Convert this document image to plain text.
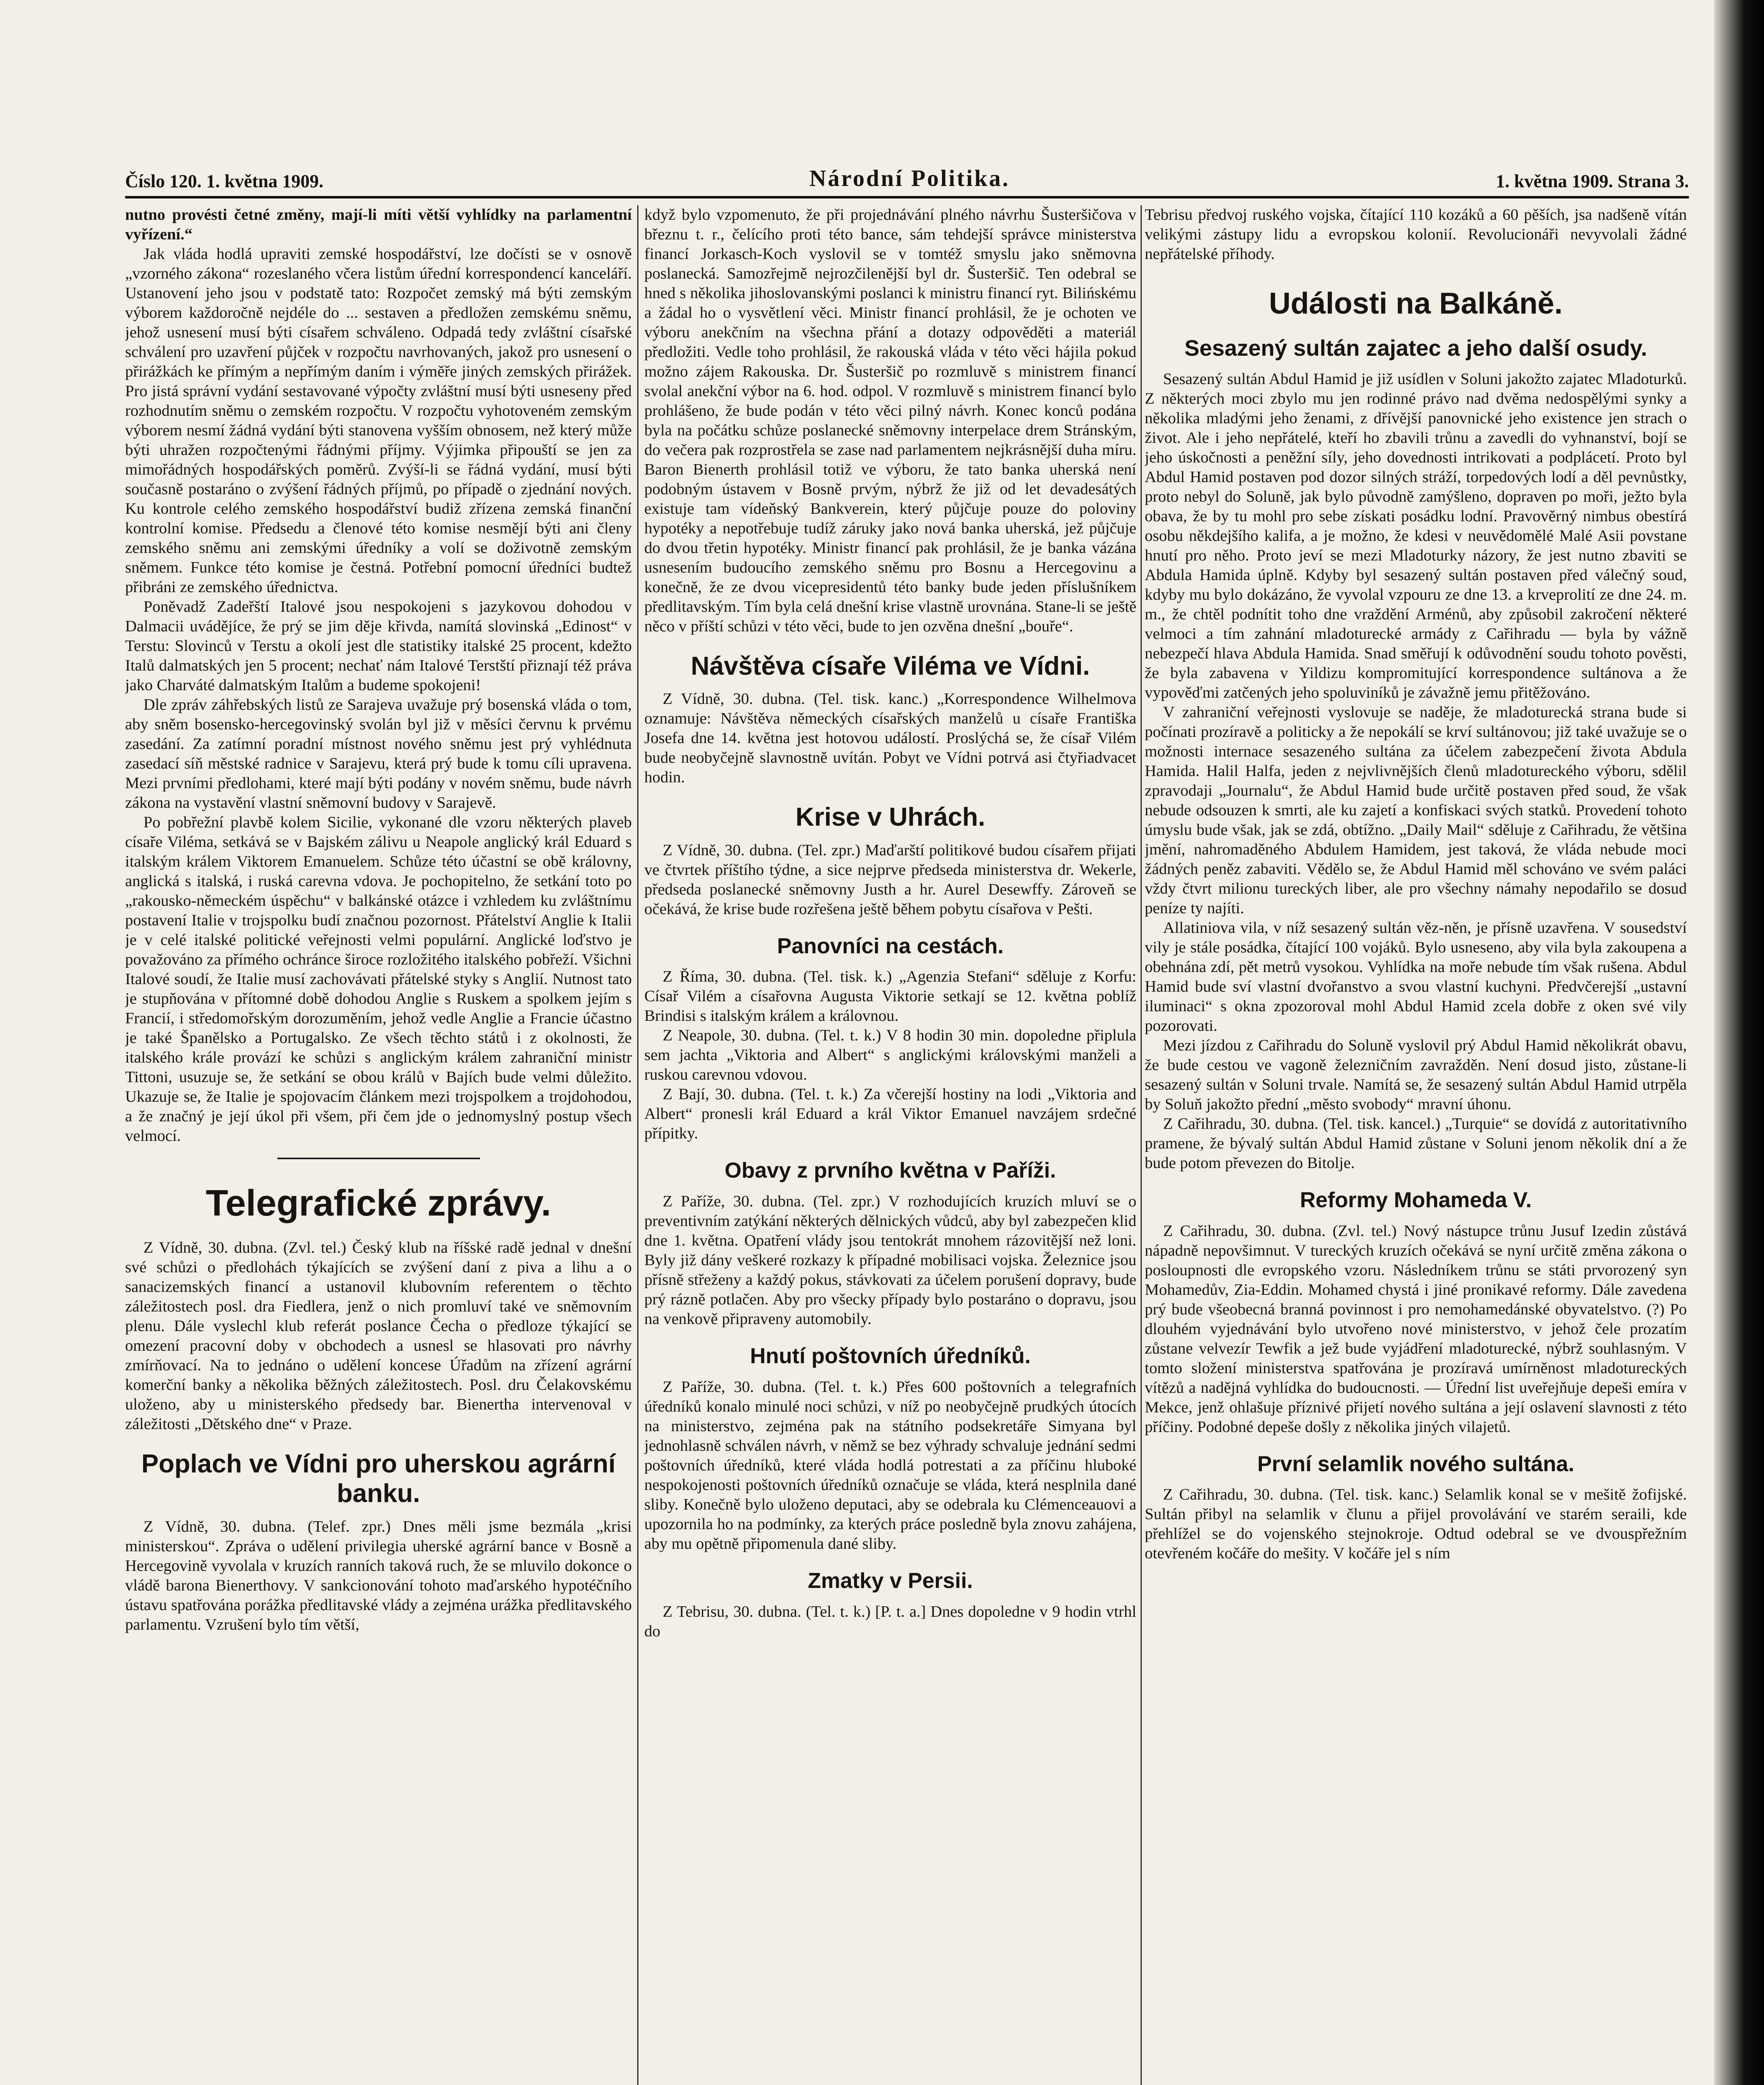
Číslo 120. 1. května 1909.	Národní Politika.	1. května 1909. Strana 3.

nutno provésti četné změny, mají-li míti větší vyhlídky na parlamentní vyřízení.“

Jak vláda hodlá upraviti zemské hospodářství, lze dočísti se v osnově „vzorného zákona“ rozeslaného včera listům úřední korrespondencí kanceláří. Ustanovení jeho jsou v podstatě tato: Rozpočet zemský má býti zemským výborem každoročně nejdéle do ... sestaven a předložen zemskému sněmu, jehož usnesení musí býti císařem schváleno. Odpadá tedy zvláštní císařské schválení pro uzavření půjček v rozpočtu navrhovaných, jakož pro usnesení o přirážkách ke přímým a nepřímým daním i výměře jiných zemských přirážek. Pro jistá správní vydání sestavované výpočty zvláštní musí býti usneseny před rozhodnutím sněmu o zemském rozpočtu. V rozpočtu vyhotoveném zemským výborem nesmí žádná vydání býti stanovena vyšším obnosem, než který může býti uhražen rozpočtenými řádnými příjmy. Výjimka připouští se jen za mimořádných hospodářských poměrů. Zvýší-li se řádná vydání, musí býti současně postaráno o zvýšení řádných příjmů, po případě o zjednání nových. Ku kontrole celého zemského hospodářství budiž zřízena zemská finanční kontrolní komise. Předsedu a členové této komise nesmějí býti ani členy zemského sněmu ani zemskými úředníky a volí se doživotně zemským sněmem. Funkce této komise je čestná. Potřební pomocní úředníci budtež přibráni ze zemského úřednictva.

Poněvadž Zadeřští Italové jsou nespokojeni s jazykovou dohodou v Dalmacii uvádějíce, že prý se jim děje křivda, namítá slovinská „Edinost“ v Terstu: Slovinců v Terstu a okolí jest dle statistiky italské 25 procent, kdežto Italů dalmatských jen 5 procent; nechať nám Italové Terstští přiznají též práva jako Charváté dalmatským Italům a budeme spokojeni!

Dle zpráv záhřebských listů ze Sarajeva uvažuje prý bosenská vláda o tom, aby sněm bosensko-hercegovinský svolán byl již v měsíci červnu k prvému zasedání. Za zatímní poradní místnost nového sněmu jest prý vyhlédnuta zasedací síň městské radnice v Sarajevu, která prý bude k tomu cíli upravena. Mezi prvními předlohami, které mají býti podány v novém sněmu, bude návrh zákona na vystavění vlastní sněmovní budovy v Sarajevě.

Po pobřežní plavbě kolem Sicilie, vykonané dle vzoru některých plaveb císaře Viléma, setkává se v Bajském zálivu u Neapole anglický král Eduard s italským králem Viktorem Emanuelem. Schůze této účastní se obě královny, anglická s italská, i ruská carevna vdova. Je pochopitelno, že setkání toto po „rakousko-německém úspěchu“ v balkánské otázce i vzhledem ku zvláštnímu postavení Italie v trojspolku budí značnou pozornost. Přátelství Anglie k Italii je v celé italské politické veřejnosti velmi populární. Anglické loďstvo je považováno za přímého ochránce široce rozložitého italského pobřeží. Všichni Italové soudí, že Italie musí zachovávati přátelské styky s Anglií. Nutnost tato je stupňována v přítomné době dohodou Anglie s Ruskem a spolkem jejím s Francií, i středomořským dorozuměním, jehož vedle Anglie a Francie účastno je také Španělsko a Portugalsko. Ze všech těchto států i z okolnosti, že italského krále provází ke schůzi s anglickým králem zahraniční ministr Tittoni, usuzuje se, že setkání se obou králů v Bajích bude velmi důležito. Ukazuje se, že Italie je spojovacím článkem mezi trojspolkem a trojdohodou, a že značný je její úkol při všem, při čem jde o jednomyslný postup všech velmocí.

Telegrafické zprávy.

Z Vídně, 30. dubna. (Zvl. tel.) Český klub na říšské radě jednal v dnešní své schůzi o předlohách týkajících se zvýšení daní z piva a lihu a o sanacizemských financí a ustanovil klubovním referentem o těchto záležitostech posl. dra Fiedlera, jenž o nich promluví také ve sněmovním plenu. Dále vyslechl klub referát poslance Čecha o předloze týkající se omezení pracovní doby v obchodech a usnesl se hlasovati pro návrhy zmírňovací. Na to jednáno o udělení koncese Úřadům na zřízení agrární komerční banky a několika běžných záležitostech. Posl. dru Čelakovskému uloženo, aby u ministerského předsedy bar. Bienertha intervenoval v záležitosti „Dětského dne“ v Praze.

Poplach ve Vídni pro uherskou agrární banku.

Z Vídně, 30. dubna. (Telef. zpr.) Dnes měli jsme bezmála „krisi ministerskou“. Zpráva o udělení privilegia uherské agrární bance v Bosně a Hercegovině vyvolala v kruzích ranních taková ruch, že se mluvilo dokonce o vládě barona Bienerthovy. V sankcionování tohoto maďarského hypotéčního ústavu spatřována porážka předlitavské vlády a zejména urážka předlitavského parlamentu. Vzrušení bylo tím větší,

když bylo vzpomenuto, že při projednávání plného návrhu Šusteršičova v březnu t. r., čelícího proti této bance, sám tehdejší správce ministerstva financí Jorkasch-Koch vyslovil se v tomtéž smyslu jako sněmovna poslanecká. Samozřejmě nejrozčilenější byl dr. Šusteršič. Ten odebral se hned s několika jihoslovanskými poslanci k ministru financí ryt. Bilińskému a žádal ho o vysvětlení věci. Ministr financí prohlásil, že je ochoten ve výboru anekčním na všechna přání a dotazy odpověděti a materiál předložiti. Vedle toho prohlásil, že rakouská vláda v této věci hájila pokud možno zájem Rakouska. Dr. Šusteršič po rozmluvě s ministrem financí svolal anekční výbor na 6. hod. odpol. V rozmluvě s ministrem financí bylo prohlášeno, že bude podán v této věci pilný návrh. Konec konců podána byla na počátku schůze poslanecké sněmovny interpelace drem Stránským, do večera pak rozprostřela se zase nad parlamentem nejkrásnější duha míru. Baron Bienerth prohlásil totiž ve výboru, že tato banka uherská není podobným ústavem v Bosně prvým, nýbrž že již od let devadesátých existuje tam vídeňský Bankverein, který půjčuje pouze do poloviny hypotéky a nepotřebuje tudíž záruky jako nová banka uherská, jež půjčuje do dvou třetin hypotéky. Ministr financí pak prohlásil, že je banka vázána usnesením budoucího zemského sněmu pro Bosnu a Hercegovinu a konečně, že ze dvou vicepresidentů této banky bude jeden příslušníkem předlitavským. Tím byla celá dnešní krise vlastně urovnána. Stane-li se ještě něco v příští schůzi v této věci, bude to jen ozvěna dnešní „bouře“.

Návštěva císaře Viléma ve Vídni.

Z Vídně, 30. dubna. (Tel. tisk. kanc.) „Korrespondence Wilhelmova oznamuje: Návštěva německých císařských manželů u císaře Františka Josefa dne 14. května jest hotovou událostí. Proslýchá se, že císař Vilém bude neobyčejně slavnostně uvítán. Pobyt ve Vídni potrvá asi čtyřiadvacet hodin.

Krise v Uhrách.

Z Vídně, 30. dubna. (Tel. zpr.) Maďarští politikové budou císařem přijati ve čtvrtek příštího týdne, a sice nejprve předseda ministerstva dr. Wekerle, předseda poslanecké sněmovny Justh a hr. Aurel Desewffy. Zároveň se očekává, že krise bude rozřešena ještě během pobytu císařova v Pešti.

Panovníci na cestách.

Z Říma, 30. dubna. (Tel. tisk. k.) „Agenzia Stefani“ sděluje z Korfu: Císař Vilém a císařovna Augusta Viktorie setkají se 12. května poblíž Brindisi s italským králem a královnou.

Z Neapole, 30. dubna. (Tel. t. k.) V 8 hodin 30 min. dopoledne připlula sem jachta „Viktoria and Albert“ s anglickými královskými manželi a ruskou carevnou vdovou.

Z Bají, 30. dubna. (Tel. t. k.) Za včerejší hostiny na lodi „Viktoria and Albert“ pronesli král Eduard a král Viktor Emanuel navzájem srdečné přípitky.

Obavy z prvního května v Paříži.

Z Paříže, 30. dubna. (Tel. zpr.) V rozhodujících kruzích mluví se o preventivním zatýkání některých dělnických vůdců, aby byl zabezpečen klid dne 1. května. Opatření vlády jsou tentokrát mnohem rázovitější než loni. Byly již dány veškeré rozkazy k případné mobilisaci vojska. Železnice jsou přísně střeženy a každý pokus, stávkovati za účelem porušení dopravy, bude prý rázně potlačen. Aby pro všecky případy bylo postaráno o dopravu, jsou na venkově připraveny automobily.

Hnutí poštovních úředníků.

Z Paříže, 30. dubna. (Tel. t. k.) Přes 600 poštovních a telegrafních úředníků konalo minulé noci schůzi, v níž po neobyčejně prudkých útocích na ministerstvo, zejména pak na státního podsekretáře Simyana byl jednohlasně schválen návrh, v němž se bez výhrady schvaluje jednání sedmi poštovních úředníků, které vláda hodlá potrestati a za příčinu hluboké nespokojenosti poštovních úředníků označuje se vláda, která nesplnila dané sliby. Konečně bylo uloženo deputaci, aby se odebrala ku Clémenceauovi a upozornila ho na podmínky, za kterých práce posledně byla znovu zahájena, aby mu opětně připomenula dané sliby.

Zmatky v Persii.

Z Tebrisu, 30. dubna. (Tel. t. k.) [P. t. a.] Dnes dopoledne v 9 hodin vtrhl do

Tebrisu předvoj ruského vojska, čítající 110 kozáků a 60 pěších, jsa nadšeně vítán velikými zástupy lidu a evropskou kolonií. Revolucionáři nevyvolali žádné nepřátelské příhody.

Události na Balkáně.
Sesazený sultán zajatec a jeho další osudy.

Sesazený sultán Abdul Hamid je již usídlen v Soluni jakožto zajatec Mladoturků. Z některých moci zbylo mu jen rodinné právo nad dvěma nedospělými synky a několika mladými jeho ženami, z dřívější panovnické jeho existence jen strach o život. Ale i jeho nepřátelé, kteří ho zbavili trůnu a zavedli do vyhnanství, bojí se jeho úskočnosti a peněžní síly, jeho dovednosti intrikovati a podplácetí. Proto byl Abdul Hamid postaven pod dozor silných stráží, torpedových lodí a děl pevnůstky, proto nebyl do Soluně, jak bylo původně zamýšleno, dopraven po moři, ježto byla obava, že by tu mohl pro sebe získati posádku lodní. Pravověrný nimbus obestírá osobu někdejšího kalifa, a je možno, že kdesi v neuvědomělé Malé Asii povstane hnutí pro něho. Proto jeví se mezi Mladoturky názory, že jest nutno zbaviti se Abdula Hamida úplně. Kdyby byl sesazený sultán postaven před válečný soud, kdyby mu bylo dokázáno, že vyvolal vzpouru ze dne 13. a krveprolití ze dne 24. m. m., že chtěl podnítit toho dne vraždění Arménů, aby způsobil zakročení některé velmoci a tím zahnání mladoturecké armády z Cařihradu — byla by vážně nebezpečí hlava Abdula Hamida. Snad směřují k odůvodnění soudu tohoto pověsti, že byla zabavena v Yildizu kompromitující korrespondence sultánova a že vypověďmi zatčených jeho spoluviníků je závažně jemu přitěžováno.

V zahraniční veřejnosti vyslovuje se naděje, že mladoturecká strana bude si počínati prozíravě a politicky a že nepokálí se krví sultánovou; již také uvažuje se o možnosti internace sesazeného sultána za účelem zabezpečení života Abdula Hamida. Halil Halfa, jeden z nejvlivnějších členů mladotureckého výboru, sdělil zpravodaji „Journalu“, že Abdul Hamid bude určitě postaven před soud, že však nebude odsouzen k smrti, ale ku zajetí a konfiskaci svých statků. Provedení tohoto úmyslu bude však, jak se zdá, obtížno. „Daily Mail“ sděluje z Cařihradu, že většina jmění, nahromaděného Abdulem Hamidem, jest taková, že vláda nebude moci žádných peněz zabaviti. Vědělo se, že Abdul Hamid měl schováno ve svém paláci vždy čtvrt milionu tureckých liber, ale pro všechny námahy nepodařilo se dosud peníze ty najíti.

Allatiniova vila, v níž sesazený sultán věz-něn, je přísně uzavřena. V sousedství vily je stále posádka, čítající 100 vojáků. Bylo usneseno, aby vila byla zakoupena a obehnána zdí, pět metrů vysokou. Vyhlídka na moře nebude tím však rušena. Abdul Hamid bude sví vlastní dvořanstvo a svou vlastní kuchyni. Předvčerejší „ustavní iluminaci“ s okna zpozoroval mohl Abdul Hamid zcela dobře z oken své vily pozorovati.

Mezi jízdou z Cařihradu do Soluně vyslovil prý Abdul Hamid několikrát obavu, že bude cestou ve vagoně železničním zavražděn. Není dosud jisto, zůstane-li sesazený sultán v Soluni trvale. Namítá se, že sesazený sultán Abdul Hamid utrpěla by Soluň jakožto přední „město svobody“ mravní úhonu.

Z Cařihradu, 30. dubna. (Tel. tisk. kancel.) „Turquie“ se dovídá z autoritativního pramene, že bývalý sultán Abdul Hamid zůstane v Soluni jenom několik dní a že bude potom převezen do Bitolje.

Reformy Mohameda V.

Z Cařihradu, 30. dubna. (Zvl. tel.) Nový nástupce trůnu Jusuf Izedin zůstává nápadně nepovšimnut. V tureckých kruzích očekává se nyní určitě změna zákona o posloupnosti dle evropského vzoru. Následníkem trůnu se státi prvorozený syn Mohamedův, Zia-Eddin. Mohamed chystá i jiné pronikavé reformy. Dále zavedena prý bude všeobecná branná povinnost i pro nemohamedánské obyvatelstvo. (?) Po dlouhém vyjednávání bylo utvořeno nové ministerstvo, v jehož čele prozatím zůstane velvezír Tewfik a jež bude vyjádření mladoturecké, nýbrž souhlasným. V tomto složení ministerstva spatřována je prozíravá umírněnost mladotureckých vítězů a nadějná vyhlídka do budoucnosti. — Úřední list uveřejňuje depeši emíra v Mekce, jenž ohlašuje příznivé přijetí nového sultána a její oslavení slavnosti z této příčiny. Podobné depeše došly z několika jiných vilajetů.

První selamlik nového sultána.

Z Cařihradu, 30. dubna. (Tel. tisk. kanc.) Selamlik konal se v mešitě žofijské. Sultán přibyl na selamlik v člunu a přijel provolávání ve starém seraili, kde přehlížel se do vojenského stejnokroje. Odtud odebral se ve dvouspřežním otevřeném kočáře do mešity. V kočáře jel s ním
